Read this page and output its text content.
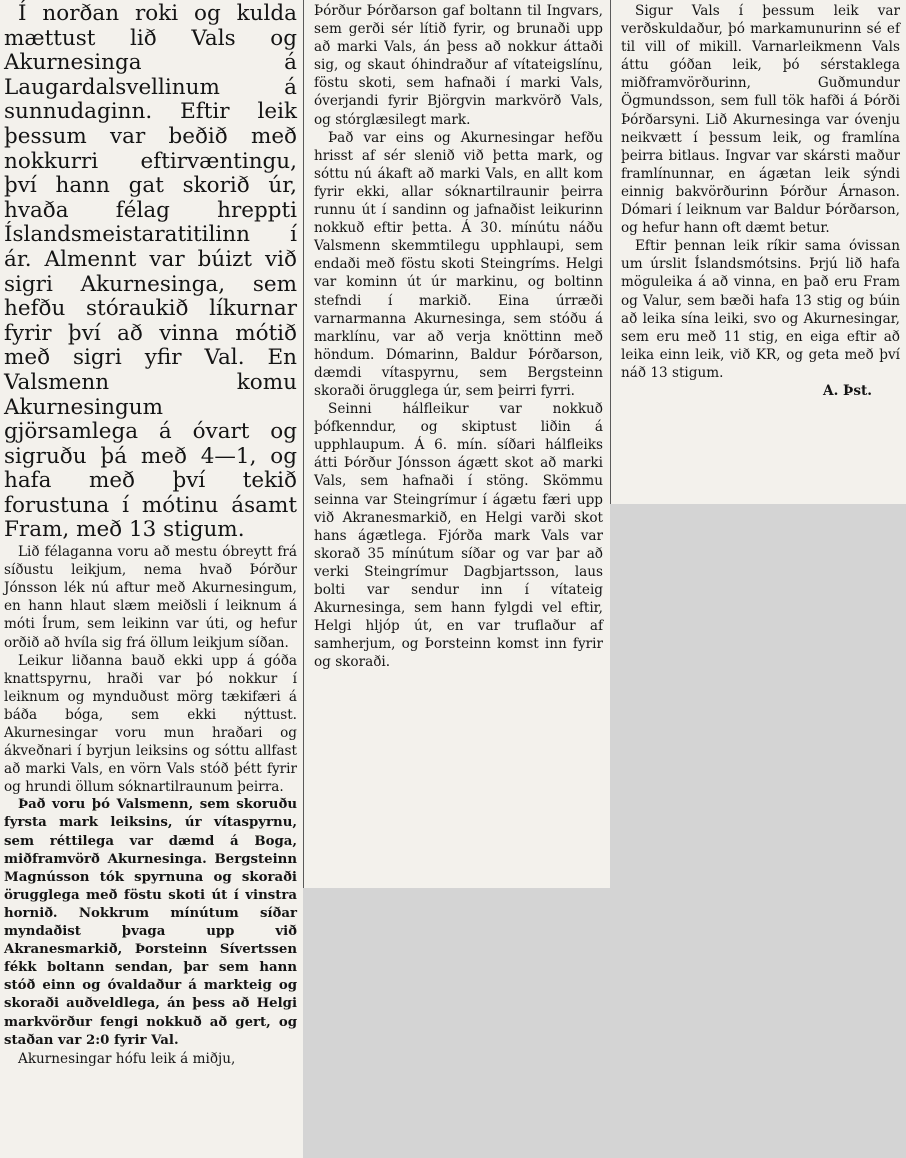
Í norðan roki og kulda mættust lið Vals og Akurnesinga á Laugardalsvellinum á sunnudaginn. Eftir leik þessum var beðið með nokkurri eftirvæntingu, því hann gat skorið úr, hvaða félag hreppti Íslandsmeistaratitilinn í ár. Almennt var búizt við sigri Akurnesinga, sem hefðu stóraukið líkurnar fyrir því að vinna mótið með sigri yfir Val. En Valsmenn komu Akurnesingum gjörsamlega á óvart og sigruðu þá með 4—1, og hafa með því tekið forustuna í mótinu ásamt Fram, með 13 stigum.

Lið félaganna voru að mestu óbreytt frá síðustu leikjum, nema hvað Þórður Jónsson lék nú aftur með Akurnesingum, en hann hlaut slæm meiðsli í leiknum á móti Írum, sem leikinn var úti, og hefur orðið að hvíla sig frá öllum leikjum síðan.

Leikur liðanna bauð ekki upp á góða knattspyrnu, hraði var þó nokkur í leiknum og mynduðust mörg tækifæri á báða bóga, sem ekki nýttust. Akurnesingar voru mun hraðari og ákveðnari í byrjun leiksins og sóttu allfast að marki Vals, en vörn Vals stóð þétt fyrir og hrundi öllum sóknartilraunum þeirra.

Það voru þó Valsmenn, sem skoruðu fyrsta mark leiksins, úr vítaspyrnu, sem réttilega var dæmd á Boga, miðframvörð Akurnesinga. Bergsteinn Magnússon tók spyrnuna og skoraði örugglega með föstu skoti út í vinstra hornið. Nokkrum mínútum síðar myndaðist þvaga upp við Akranesmarkið, Þorsteinn Sívertssen fékk boltann sendan, þar sem hann stóð einn og óvaldaður á markteig og skoraði auðveldlega, án þess að Helgi markvörður fengi nokkuð að gert, og staðan var 2:0 fyrir Val.

Akurnesingar hófu leik á miðju,

Þórður Þórðarson gaf boltann til Ingvars, sem gerði sér lítið fyrir, og brunaði upp að marki Vals, án þess að nokkur áttaði sig, og skaut óhindraður af vítateigslínu, föstu skoti, sem hafnaði í marki Vals, óverjandi fyrir Björgvin markvörð Vals, og stórglæsilegt mark.

Það var eins og Akurnesingar hefðu hrisst af sér slenið við þetta mark, og sóttu nú ákaft að marki Vals, en allt kom fyrir ekki, allar sóknartilraunir þeirra runnu út í sandinn og jafnaðist leikurinn nokkuð eftir þetta. Á 30. mínútu náðu Valsmenn skemmtilegu upphlaupi, sem endaði með föstu skoti Steingríms. Helgi var kominn út úr markinu, og boltinn stefndi í markið. Eina úrræði varnarmanna Akurnesinga, sem stóðu á marklínu, var að verja knöttinn með höndum. Dómarinn, Baldur Þórðarson, dæmdi vítaspyrnu, sem Bergsteinn skoraði örugglega úr, sem þeirri fyrri.

Seinni hálfleikur var nokkuð þófkenndur, og skiptust liðin á upphlaupum. Á 6. mín. síðari hálfleiks átti Þórður Jónsson ágætt skot að marki Vals, sem hafnaði í stöng. Skömmu seinna var Steingrímur í ágætu færi upp við Akranesmarkið, en Helgi varði skot hans ágætlega. Fjórða mark Vals var skorað 35 mínútum síðar og var þar að verki Steingrímur Dagbjartsson, laus bolti var sendur inn í vítateig Akurnesinga, sem hann fylgdi vel eftir, Helgi hljóp út, en var truflaður af samherjum, og Þorsteinn komst inn fyrir og skoraði.

Sigur Vals í þessum leik var verðskuldaður, þó markamunurinn sé ef til vill of mikill. Varnarleikmenn Vals áttu góðan leik, þó sérstaklega miðframvörðurinn, Guðmundur Ögmundsson, sem full tök hafði á Þórði Þórðarsyni. Lið Akurnesinga var óvenju neikvætt í þessum leik, og framlína þeirra bitlaus. Ingvar var skársti maður framlínunnar, en ágætan leik sýndi einnig bakvörðurinn Þórður Árnason. Dómari í leiknum var Baldur Þórðarson, og hefur hann oft dæmt betur.

Eftir þennan leik ríkir sama óvissan um úrslit Íslandsmótsins. Þrjú lið hafa möguleika á að vinna, en það eru Fram og Valur, sem bæði hafa 13 stig og búin að leika sína leiki, svo og Akurnesingar, sem eru með 11 stig, en eiga eftir að leika einn leik, við KR, og geta með því náð 13 stigum.

A. Þst.
